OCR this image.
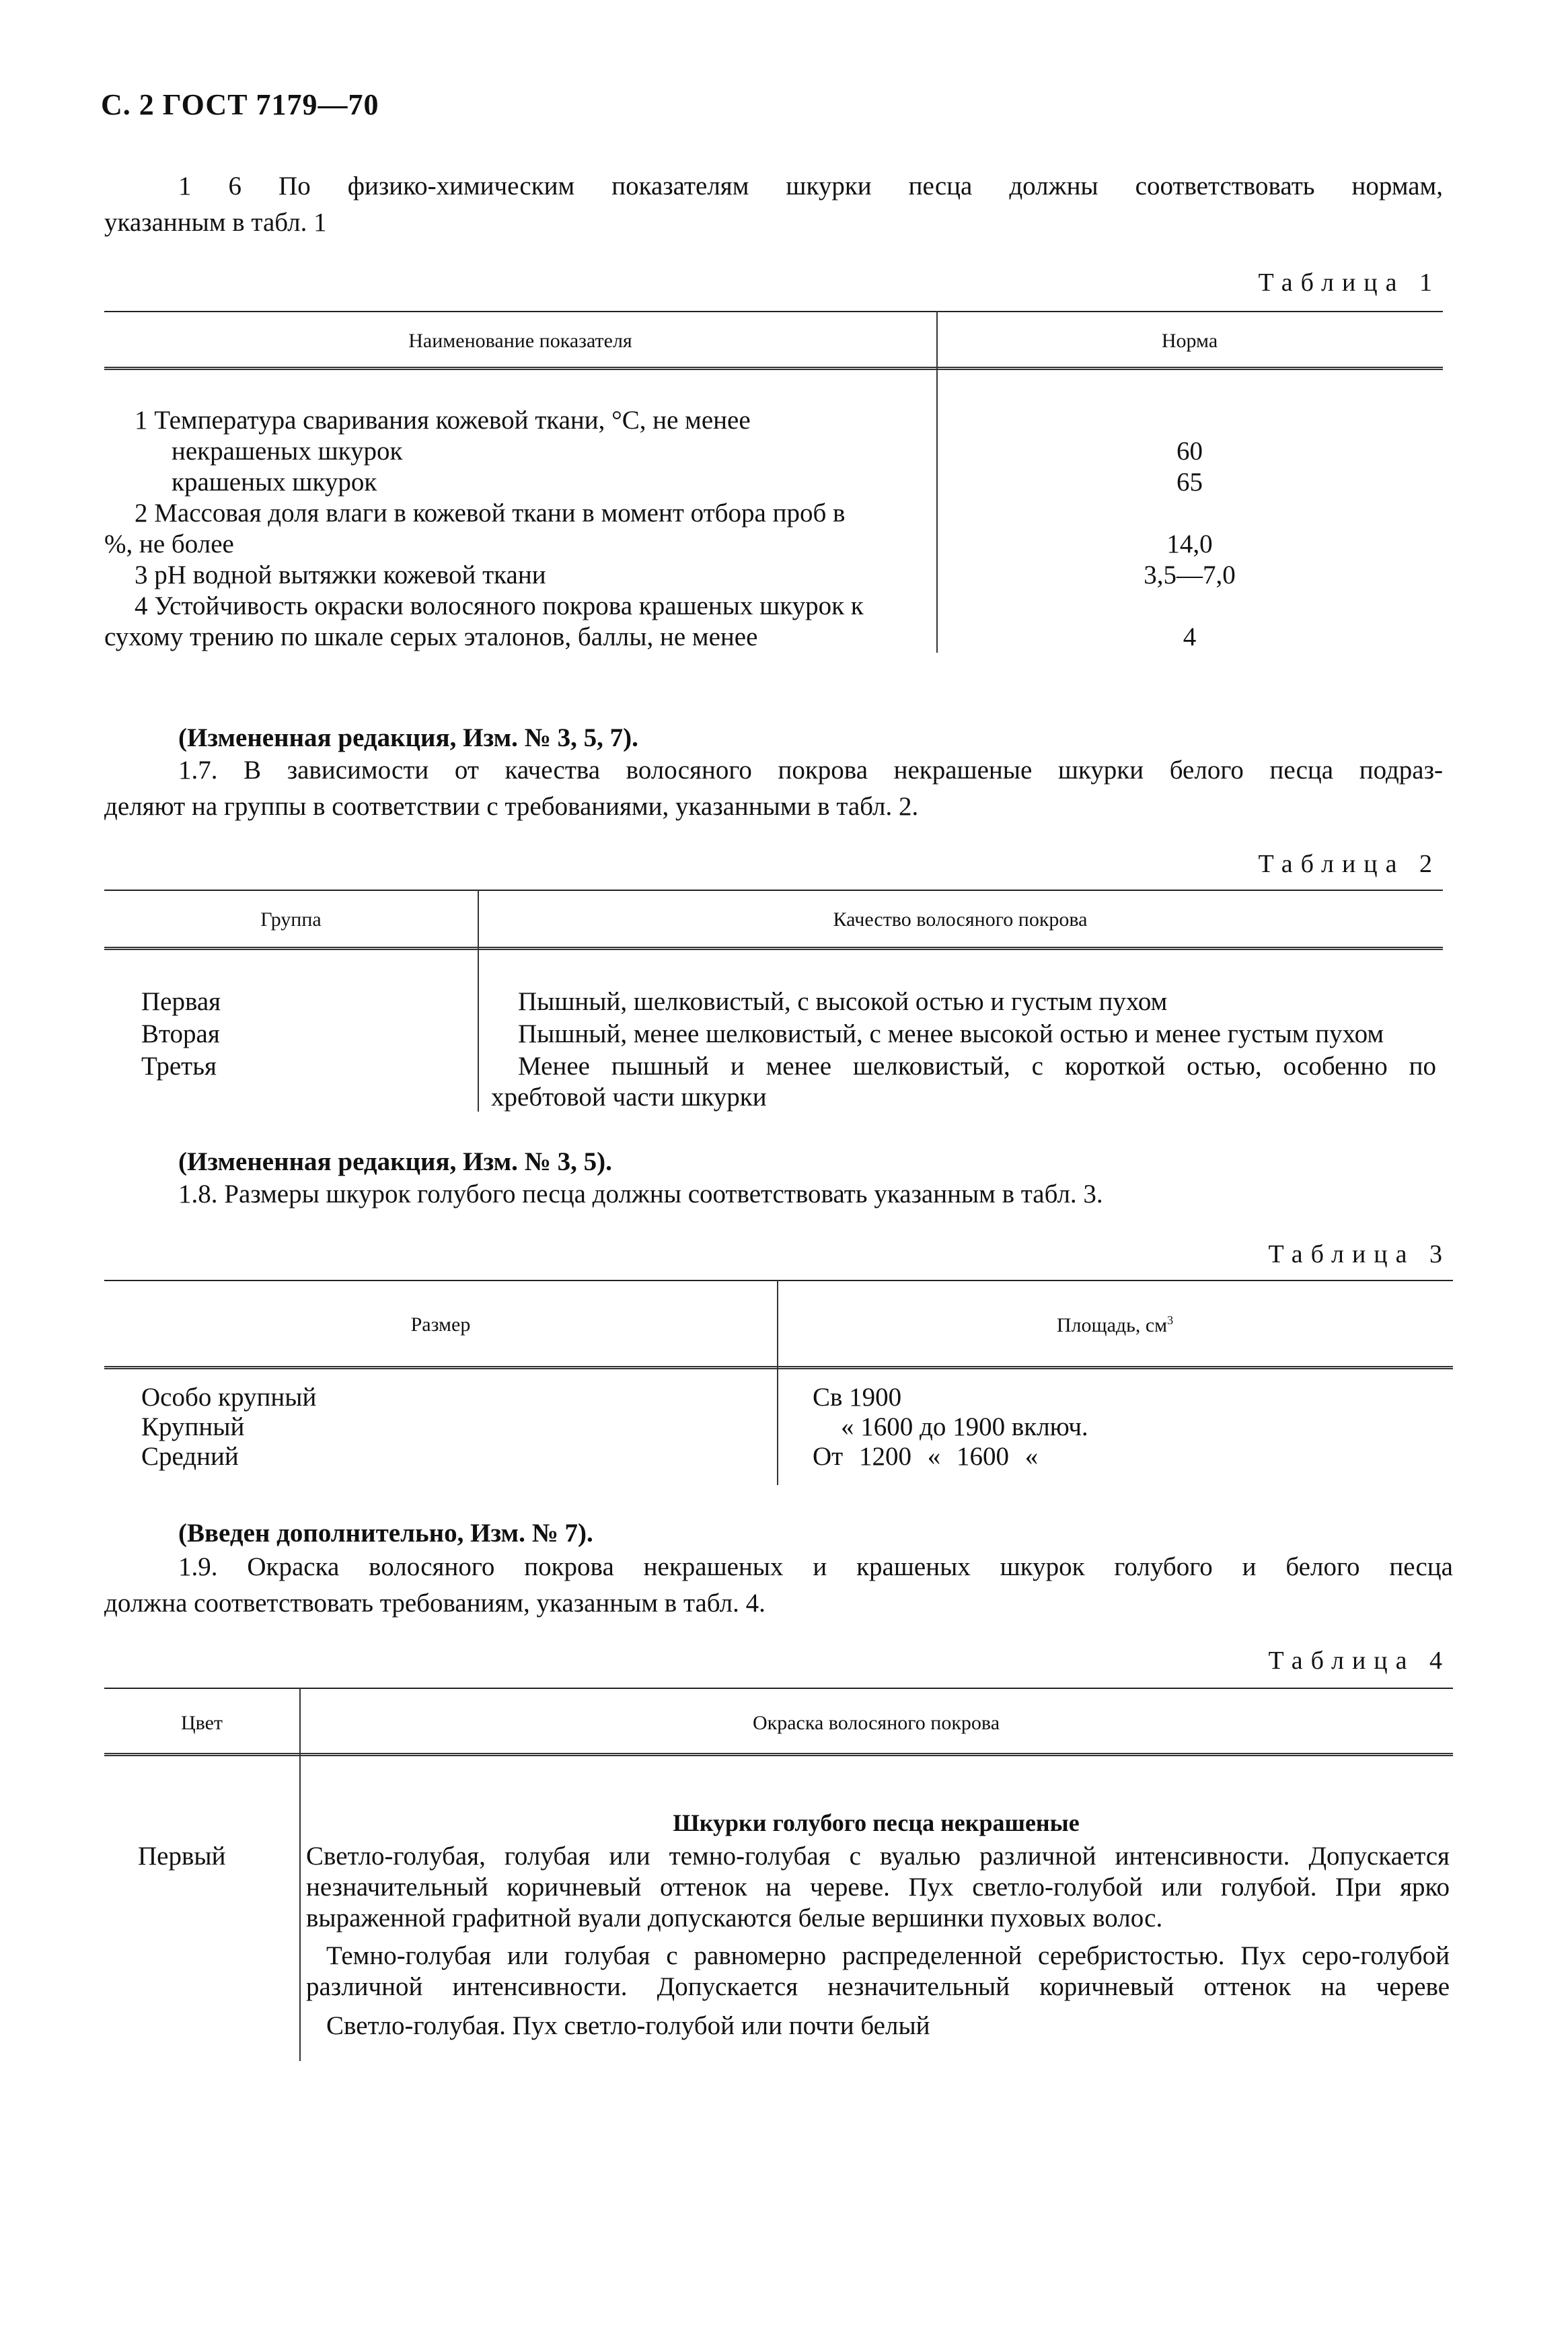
С. 2 ГОСТ 7179—70
1 6 По физико-химическим показателям шкурки песца должны соответствовать нормам,
указанным в табл. 1
Таблица 1
Наименование показателя	Норма
1 Температура сваривания кожевой ткани, °С, не менее
некрашеных шкурок	60
крашеных шкурок	65
2 Массовая доля влаги в кожевой ткани в момент отбора проб в
%, не более	14,0
3 рН водной вытяжки кожевой ткани	3,5—7,0
4 Устойчивость окраски волосяного покрова крашеных шкурок к
сухому трению по шкале серых эталонов, баллы, не менее	4
(Измененная редакция, Изм. № 3, 5, 7).
1.7. В зависимости от качества волосяного покрова некрашеные шкурки белого песца подраз-
деляют на группы в соответствии с требованиями, указанными в табл. 2.
Таблица 2
Группа	Качество волосяного покрова
Первая	Пышный, шелковистый, с высокой остью и густым пухом
Вторая	Пышный, менее шелковистый, с менее высокой остью и менее густым пухом
Третья	Менее пышный и менее шелковистый, с короткой остью, особенно по
хребтовой части шкурки
(Измененная редакция, Изм. № 3, 5).
1.8. Размеры шкурок голубого песца должны соответствовать указанным в табл. 3.
Таблица 3
Размер	Площадь, $см^3$
Особо крупный	Св 1900
Крупный	« 1600 до 1900 включ.
Средний	От 1200 « 1600 «
(Введен дополнительно, Изм. № 7).
1.9. Окраска волосяного покрова некрашеных и крашеных шкурок голубого и белого песца
должна соответствовать требованиям, указанным в табл. 4.
Таблица 4
Цвет	Окраска волосяного покрова
Шкурки голубого песца некрашеные
Первый	Светло-голубая, голубая или темно-голубая с вуалью различной интенсивности. Допускается
незначительный коричневый оттенок на череве. Пух светло-голубой или голубой. При ярко
выраженной графитной вуали допускаются белые вершинки пуховых волос.
Темно-голубая или голубая с равномерно распределенной серебристостью. Пух серо-голубой
различной интенсивности. Допускается незначительный коричневый оттенок на череве
Светло-голубая. Пух светло-голубой или почти белый
